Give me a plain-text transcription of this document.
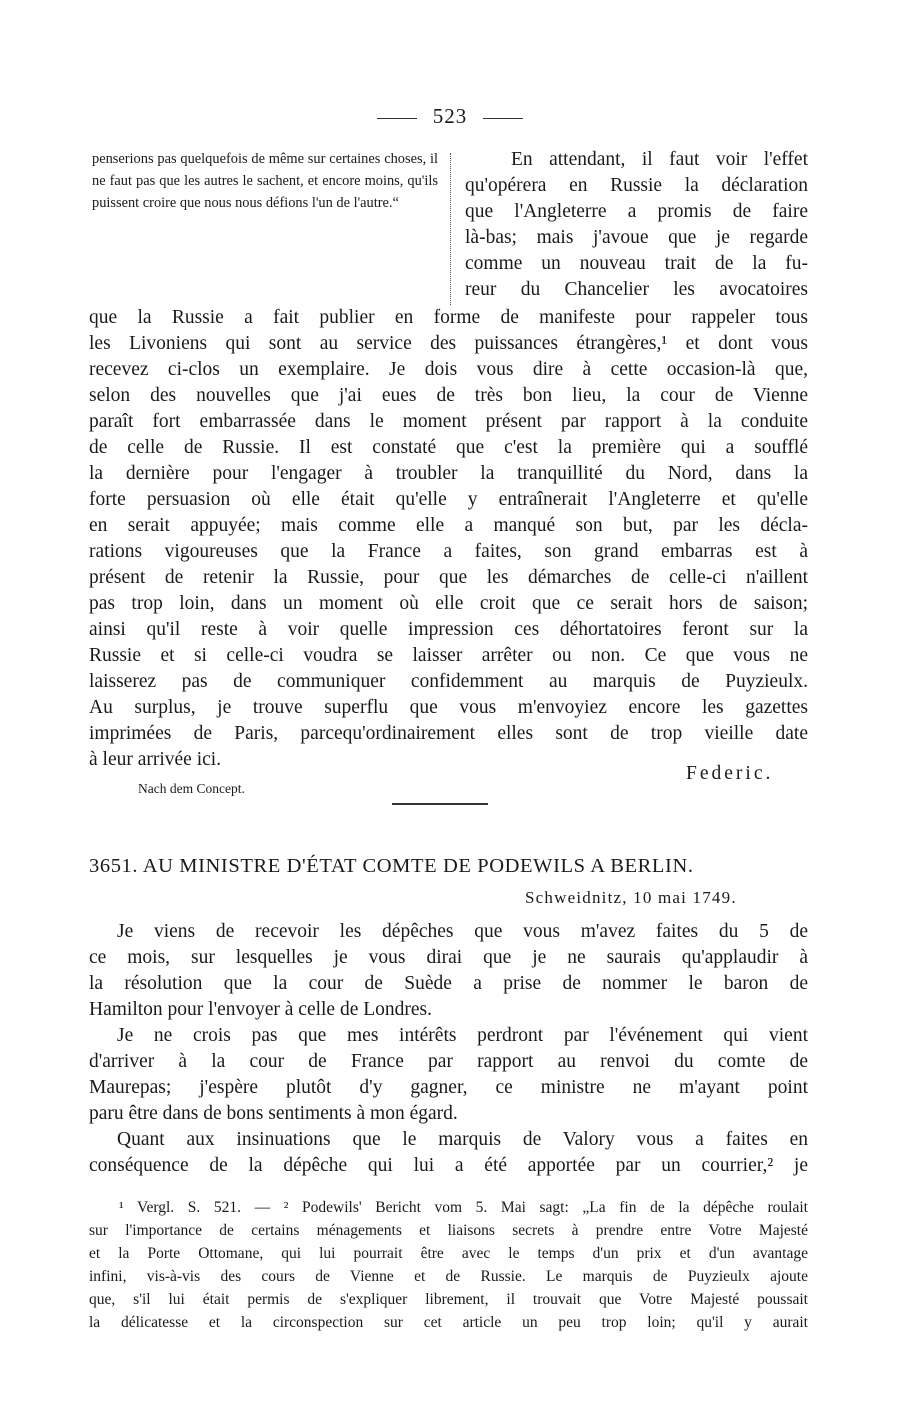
523
penserions pas quelquefois de même sur certaines choses, il ne faut pas que les autres le sachent, et encore moins, qu'ils puissent croire que nous nous défions l'un de l'autre.“
En attendant, il faut voir l'effet
qu'opérera en Russie la déclaration
que l'Angleterre a promis de faire
là-bas; mais j'avoue que je regarde
comme un nouveau trait de la fu-
reur du Chancelier les avocatoires
que la Russie a fait publier en forme de manifeste pour rappeler tous
les Livoniens qui sont au service des puissances étrangères,¹ et dont vous
recevez ci-clos un exemplaire. Je dois vous dire à cette occasion-là que,
selon des nouvelles que j'ai eues de très bon lieu, la cour de Vienne
paraît fort embarrassée dans le moment présent par rapport à la conduite
de celle de Russie. Il est constaté que c'est la première qui a soufflé
la dernière pour l'engager à troubler la tranquillité du Nord, dans la
forte persuasion où elle était qu'elle y entraînerait l'Angleterre et qu'elle
en serait appuyée; mais comme elle a manqué son but, par les décla-
rations vigoureuses que la France a faites, son grand embarras est à
présent de retenir la Russie, pour que les démarches de celle-ci n'aillent
pas trop loin, dans un moment où elle croit que ce serait hors de saison;
ainsi qu'il reste à voir quelle impression ces déhortatoires feront sur la
Russie et si celle-ci voudra se laisser arrêter ou non. Ce que vous ne
laisserez pas de communiquer confidemment au marquis de Puyzieulx.
Au surplus, je trouve superflu que vous m'envoyiez encore les gazettes
imprimées de Paris, parcequ'ordinairement elles sont de trop vieille date
à leur arrivée ici.
Federic.
Nach dem Concept.
3651. AU MINISTRE D'ÉTAT COMTE DE PODEWILS A BERLIN.
Schweidnitz, 10 mai 1749.
Je viens de recevoir les dépêches que vous m'avez faites du 5 de
ce mois, sur lesquelles je vous dirai que je ne saurais qu'applaudir à
la résolution que la cour de Suède a prise de nommer le baron de
Hamilton pour l'envoyer à celle de Londres.
Je ne crois pas que mes intérêts perdront par l'événement qui vient
d'arriver à la cour de France par rapport au renvoi du comte de
Maurepas; j'espère plutôt d'y gagner, ce ministre ne m'ayant point
paru être dans de bons sentiments à mon égard.
Quant aux insinuations que le marquis de Valory vous a faites en
conséquence de la dépêche qui lui a été apportée par un courrier,² je
¹ Vergl. S. 521. — ² Podewils' Bericht vom 5. Mai sagt: „La fin de la dépêche roulait
sur l'importance de certains ménagements et liaisons secrets à prendre entre Votre Majesté
et la Porte Ottomane, qui lui pourrait être avec le temps d'un prix et d'un avantage
infini, vis-à-vis des cours de Vienne et de Russie. Le marquis de Puyzieulx ajoute
que, s'il lui était permis de s'expliquer librement, il trouvait que Votre Majesté poussait
la délicatesse et la circonspection sur cet article un peu trop loin; qu'il y aurait
